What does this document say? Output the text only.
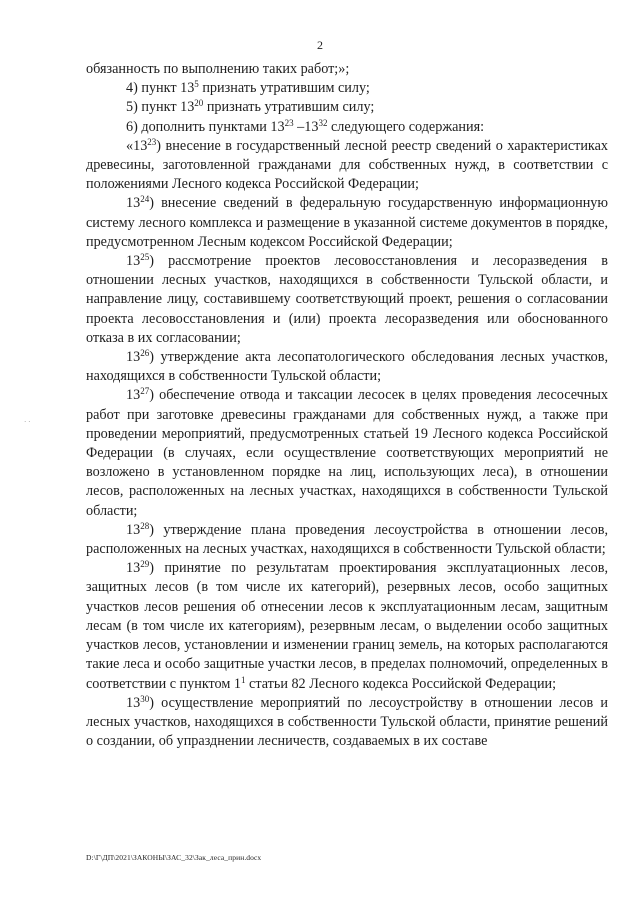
2
· ·

обязанность по выполнению таких работ;»;

4) пункт $13^5$ признать утратившим силу;

5) пункт $13^{20}$ признать утратившим силу;

6) дополнить пунктами $13^{23}$ $-13^{32}$ следующего содержания:

«$13^{23}$) внесение в государственный лесной реестр сведений о характеристиках древесины, заготовленной гражданами для собственных нужд, в соответствии с положениями Лесного кодекса Российской Федерации;

$13^{24}$) внесение сведений в федеральную государственную информационную систему лесного комплекса и размещение в указанной системе документов в порядке, предусмотренном Лесным кодексом Российской Федерации;

$13^{25}$) рассмотрение проектов лесовосстановления и лесоразведения в отношении лесных участков, находящихся в собственности Тульской области, и направление лицу, составившему соответствующий проект, решения о согласовании проекта лесовосстановления и (или) проекта лесоразведения или обоснованного отказа в их согласовании;

$13^{26}$) утверждение акта лесопатологического обследования лесных участков, находящихся в собственности Тульской области;

$13^{27}$) обеспечение отвода и таксации лесосек в целях проведения лесосечных работ при заготовке древесины гражданами для собственных нужд, а также при проведении мероприятий, предусмотренных статьей 19 Лесного кодекса Российской Федерации (в случаях, если осуществление соответствующих мероприятий не возложено в установленном порядке на лиц, использующих леса), в отношении лесов, расположенных на лесных участках, находящихся в собственности Тульской области;

$13^{28}$) утверждение плана проведения лесоустройства в отношении лесов, расположенных на лесных участках, находящихся в собственности Тульской области;

$13^{29}$) принятие по результатам проектирования эксплуатационных лесов, защитных лесов (в том числе их категорий), резервных лесов, особо защитных участков лесов решения об отнесении лесов к эксплуатационным лесам, защитным лесам (в том числе их категориям), резервным лесам, о выделении особо защитных участков лесов, установлении и изменении границ земель, на которых располагаются такие леса и особо защитные участки лесов, в пределах полномочий, определенных в соответствии с пунктом $1^1$ статьи 82 Лесного кодекса Российской Федерации;

$13^{30}$) осуществление мероприятий по лесоустройству в отношении лесов и лесных участков, находящихся в собственности Тульской области, принятие решений о создании, об упразднении лесничеств, создаваемых в их составе

D:\Г\ДП\2021\ЗАКОНЫ\ЗАС_32\Зак_леса_прин.docx
